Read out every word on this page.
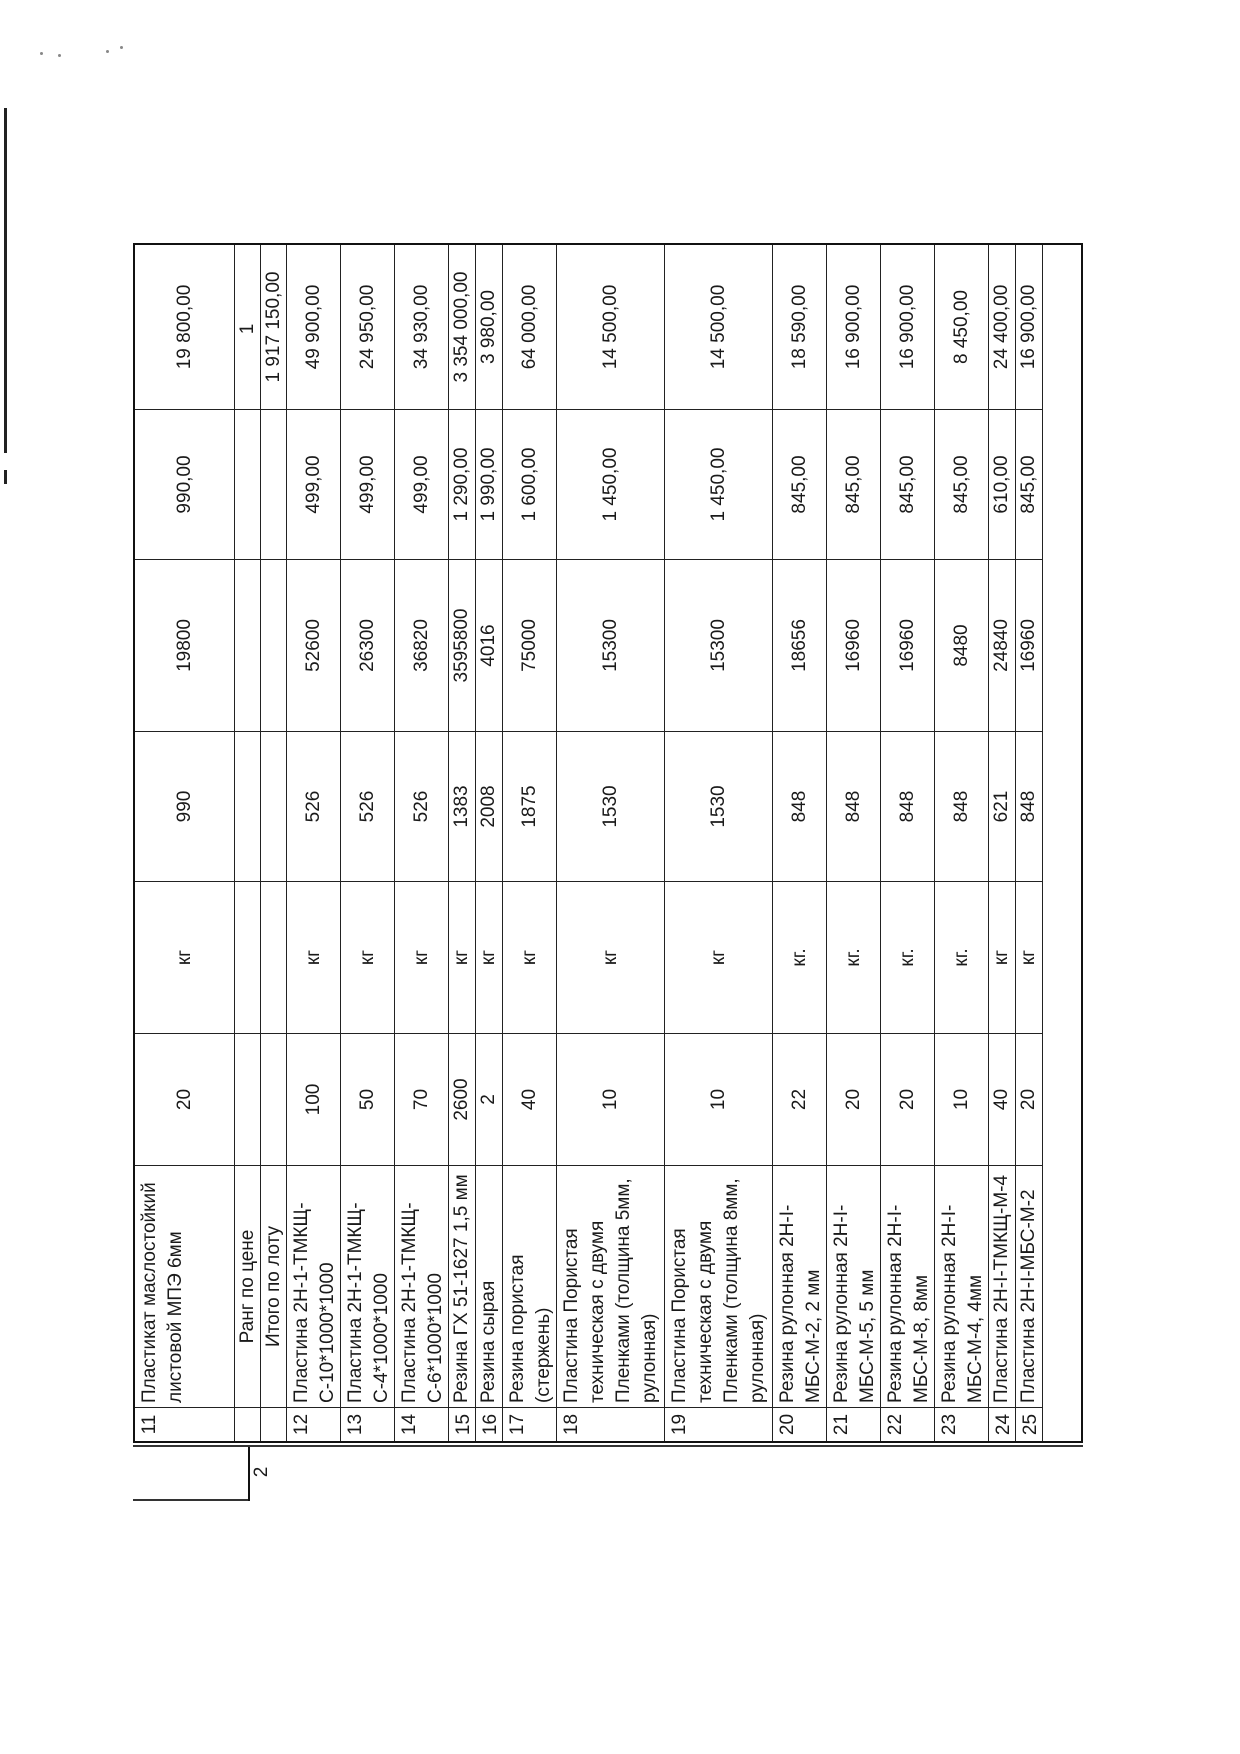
2
11
Пластикат маслостойкий листовой МПЭ 6мм
20
кг
990
19800
990,00
19 800,00
Ранг по цене
1
Итого по лоту
1 917 150,00
12
Пластина 2Н-1-ТМКЩ-С-10*1000*1000
100
кг
526
52600
499,00
49 900,00
13
Пластина 2Н-1-ТМКЩ-С-4*1000*1000
50
кг
526
26300
499,00
24 950,00
14
Пластина 2Н-1-ТМКЩ-С-6*1000*1000
70
кг
526
36820
499,00
34 930,00
15
Резина ГХ 51-1627 1,5 мм
2600
кг
1383
3595800
1 290,00
3 354 000,00
16
Резина сырая
2
кг
2008
4016
1 990,00
3 980,00
17
Резина пористая (стержень)
40
кг
1875
75000
1 600,00
64 000,00
18
Пластина Пористая техническая с двумя Пленками (толщина 5мм, рулонная)
10
кг
1530
15300
1 450,00
14 500,00
19
Пластина Пористая техническая с двумя Пленками (толщина 8мм, рулонная)
10
кг
1530
15300
1 450,00
14 500,00
20
Резина рулонная 2Н-I-МБС-М-2, 2 мм
22
кг.
848
18656
845,00
18 590,00
21
Резина рулонная 2Н-I-МБС-М-5, 5 мм
20
кг.
848
16960
845,00
16 900,00
22
Резина рулонная 2Н-I-МБС-М-8, 8мм
20
кг.
848
16960
845,00
16 900,00
23
Резина рулонная 2Н-I-МБС-М-4, 4мм
10
кг.
848
8480
845,00
8 450,00
24
Пластина 2Н-I-ТМКЩ-М-4
40
кг
621
24840
610,00
24 400,00
25
Пластина 2Н-I-МБС-М-2
20
кг
848
16960
845,00
16 900,00
